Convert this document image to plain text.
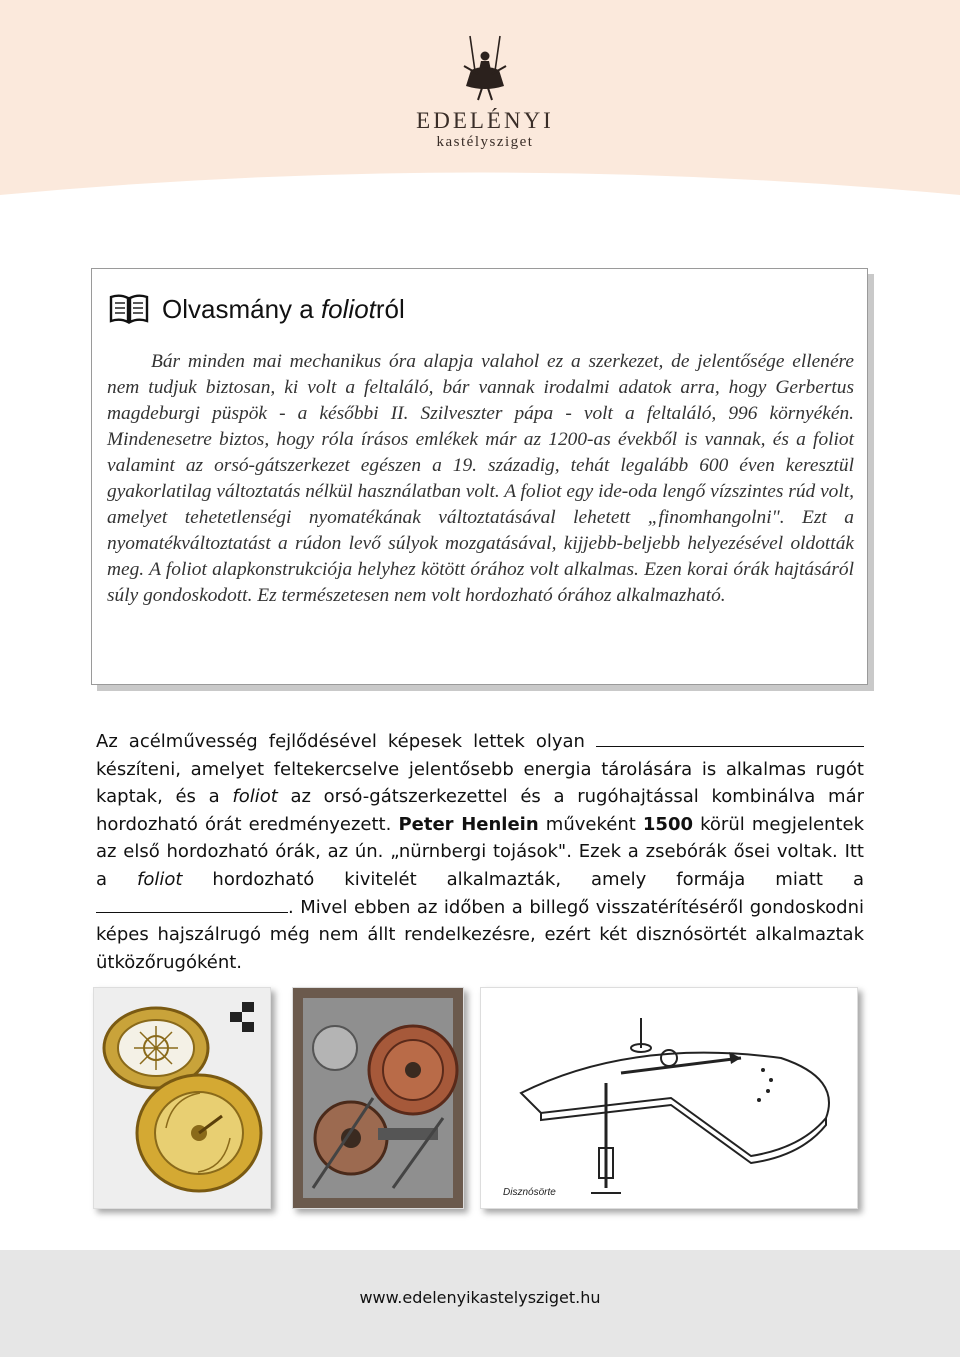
EDELÉNYI
kastélysziget
Olvasmány a foliotról
Bár minden mai mechanikus óra alapja valahol ez a szerkezet, de jelentősége ellenére nem tudjuk biztosan, ki volt a feltaláló, bár vannak irodalmi adatok arra, hogy Gerbertus magdeburgi püspök - a későbbi II. Szilveszter pápa - volt a feltaláló, 996 környékén. Mindenesetre biztos, hogy róla írásos emlékek már az 1200-as évekből is vannak, és a foliot valamint az orsó-gátszerkezet egészen a 19. századig, tehát legalább 600 éven keresztül gyakorlatilag változtatás nélkül használatban volt. A foliot egy ide-oda lengő vízszintes rúd volt, amelyet tehetetlenségi nyomatékának változtatásával lehetett „finomhangolni". Ezt a nyomatékváltoztatást a rúdon levő súlyok mozgatásával, kijjebb-beljebb helyezésével oldották meg. A foliot alapkonstrukciója helyhez kötött órához volt alkalmas. Ezen korai órák hajtásáról súly gondoskodott. Ez természetesen nem volt hordozható órához alkalmazható.
Az acélművesség fejlődésével képesek lettek olyan  készíteni, amelyet feltekercselve jelentősebb energia tárolására is alkalmas rugót kaptak, és a foliot az orsó-gátszerkezettel és a rugóhajtással kombinálva már hordozható órát eredményezett. Peter Henlein műveként 1500 körül megjelentek az első hordozható órák, az ún. „nürnbergi tojások". Ezek a zsebórák ősei voltak. Itt a foliot hordozható kivitelét alkalmazták, amely formája miatt a . Mivel ebben az időben a billegő visszatérítéséről gondoskodni képes hajszálrugó még nem állt rendelkezésre, ezért két disznósörtét alkalmaztak ütközőrugóként.
Disznósörte
www.edelenyikastelysziget.hu
